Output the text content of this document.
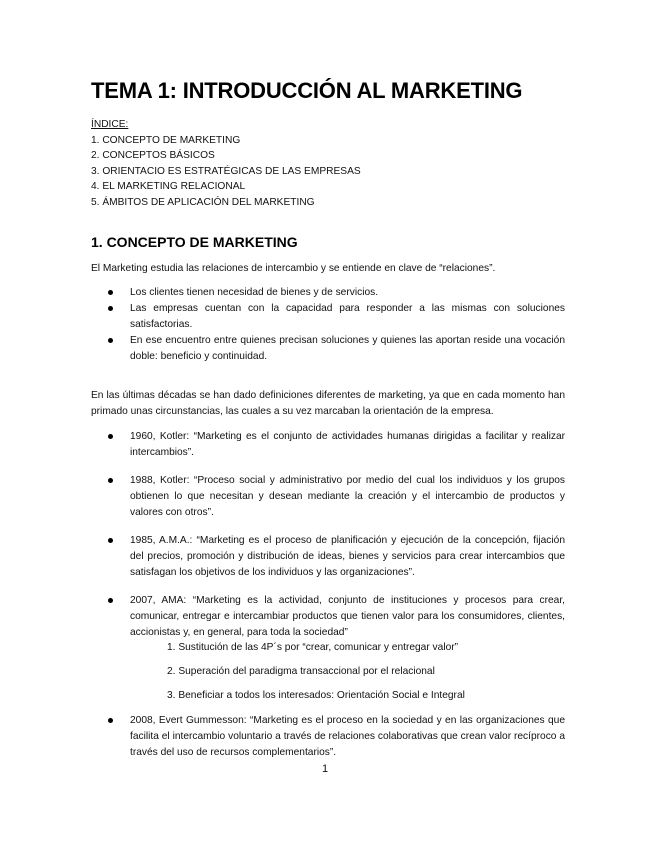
TEMA 1: INTRODUCCIÓN AL MARKETING
ÍNDICE:
1. CONCEPTO DE MARKETING
2. CONCEPTOS BÁSICOS
3. ORIENTACIO ES ESTRATÉGICAS DE LAS EMPRESAS
4. EL MARKETING RELACIONAL
5. ÁMBITOS DE APLICACIÓN DEL MARKETING
1. CONCEPTO DE MARKETING

El Marketing estudia las relaciones de intercambio y se entiende en clave de “relaciones”.

Los clientes tienen necesidad de bienes y de servicios.
Las empresas cuentan con la capacidad para responder a las mismas con soluciones satisfactorias.
En ese encuentro entre quienes precisan soluciones y quienes las aportan reside una vocación doble: beneficio y continuidad.

En las últimas décadas se han dado definiciones diferentes de marketing, ya que en cada momento han primado unas circunstancias, las cuales a su vez marcaban la orientación de la empresa.

1960, Kotler: “Marketing es el conjunto de actividades humanas dirigidas a facilitar y realizar intercambios”.
1988, Kotler: “Proceso social y administrativo por medio del cual los individuos y los grupos obtienen lo que necesitan y desean mediante la creación y el intercambio de productos y valores con otros”.
1985, A.M.A.: “Marketing es el proceso de planificación y ejecución de la concepción, fijación del precios, promoción y distribución de ideas, bienes y servicios para crear intercambios que satisfagan los objetivos de los individuos y las organizaciones”.
2007, AMA: “Marketing es la actividad, conjunto de instituciones y procesos para crear, comunicar, entregar e intercambiar productos que tienen valor para los consumidores, clientes, accionistas y, en general, para toda la sociedad”
1. Sustitución de las 4P´s por “crear, comunicar y entregar valor”
2. Superación del paradigma transaccional por el relacional
3. Beneficiar a todos los interesados: Orientación Social e Integral
2008, Evert Gummesson: “Marketing es el proceso en la sociedad y en las organizaciones que facilita el intercambio voluntario a través de relaciones colaborativas que crean valor recíproco a través del uso de recursos complementarios”.
1
